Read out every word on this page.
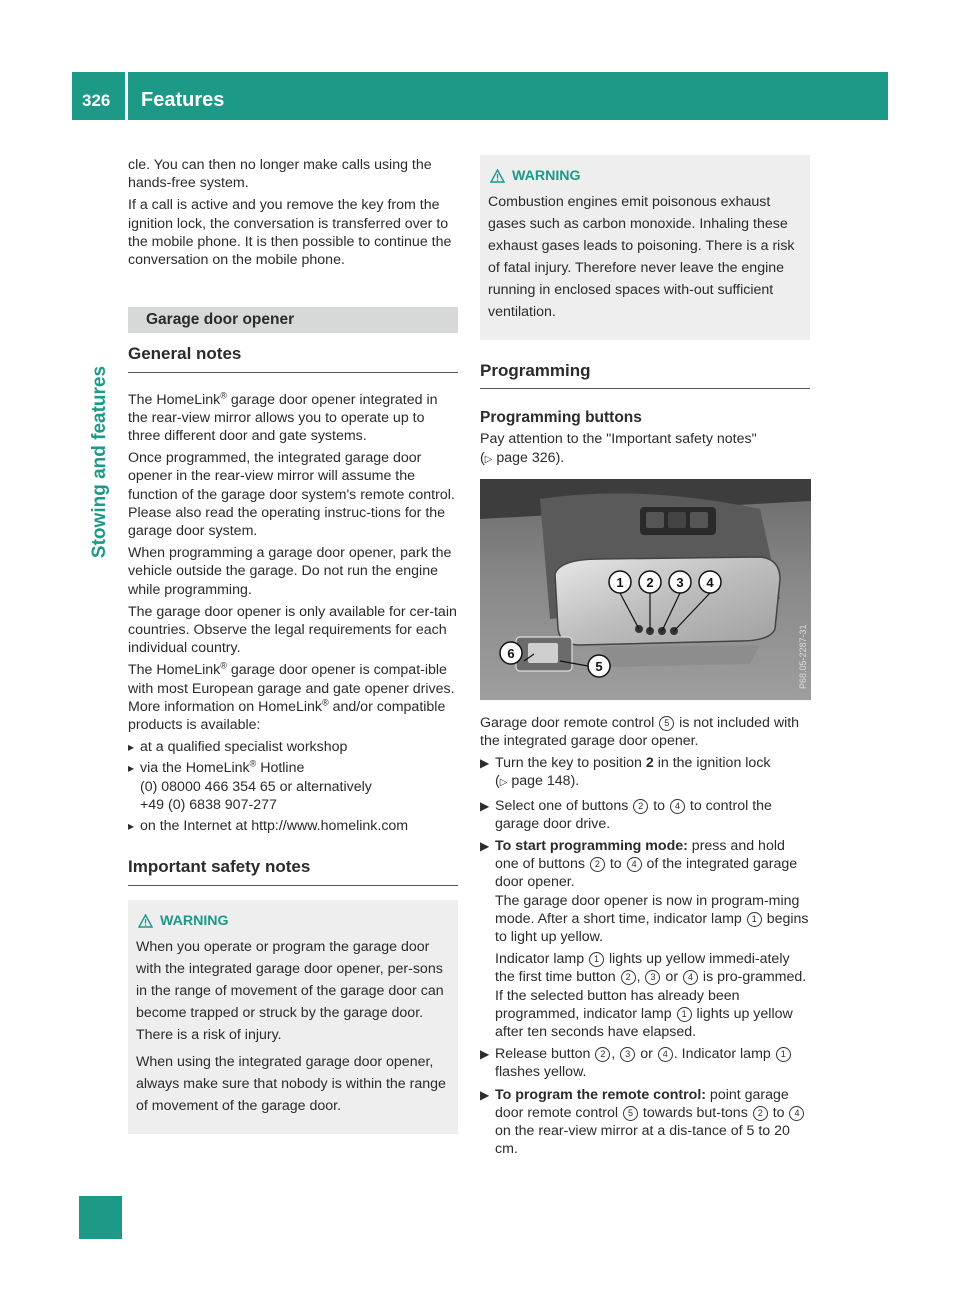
326 Features
Stowing and features

cle. You can then no longer make calls using the hands-free system.

If a call is active and you remove the key from the ignition lock, the conversation is transferred over to the mobile phone. It is then possible to continue the conversation on the mobile phone.

Garage door opener
General notes

The HomeLink® garage door opener integrated in the rear-view mirror allows you to operate up to three different door and gate systems.

Once programmed, the integrated garage door opener in the rear-view mirror will assume the function of the garage door system's remote control. Please also read the operating instruc-tions for the garage door system.

When programming a garage door opener, park the vehicle outside the garage. Do not run the engine while programming.

The garage door opener is only available for cer-tain countries. Observe the legal requirements for each individual country.

The HomeLink® garage door opener is compat-ible with most European garage and gate opener drives. More information on HomeLink® and/or compatible products is available:

▸ at a qualified specialist workshop
▸ via the HomeLink® Hotline
(0) 08000 466 354 65 or alternatively
+49 (0) 6838 907-277
▸ on the Internet at http://www.homelink.com
Important safety notes
WARNING

When you operate or program the garage door with the integrated garage door opener, per-sons in the range of movement of the garage door can become trapped or struck by the garage door. There is a risk of injury.

When using the integrated garage door opener, always make sure that nobody is within the range of movement of the garage door.

WARNING

Combustion engines emit poisonous exhaust gases such as carbon monoxide. Inhaling these exhaust gases leads to poisoning. There is a risk of fatal injury. Therefore never leave the engine running in enclosed spaces with-out sufficient ventilation.

Programming
Programming buttons

Pay attention to the "Important safety notes"
(▷ page 326).

1 2 3 4
6
5	P68.05-2287-31

Garage door remote control 5 is not included with the integrated garage door opener.

▶ Turn the key to position 2 in the ignition lock
(▷ page 148).
▶ Select one of buttons 2 to 4 to control the garage door drive.
▶ To start programming mode: press and hold one of buttons 2 to 4 of the integrated garage door opener.
The garage door opener is now in program-ming mode. After a short time, indicator lamp 1 begins to light up yellow.
Indicator lamp 1 lights up yellow immedi-ately the first time button 2 , 3 or 4 is pro-grammed. If the selected button has already been programmed, indicator lamp 1 lights up yellow after ten seconds have elapsed.
▶ Release button 2 , 3 or 4 . Indicator lamp 1 flashes yellow.
▶ To program the remote control: point garage door remote control 5 towards but-tons 2 to 4 on the rear-view mirror at a dis-tance of 5 to 20 cm.
